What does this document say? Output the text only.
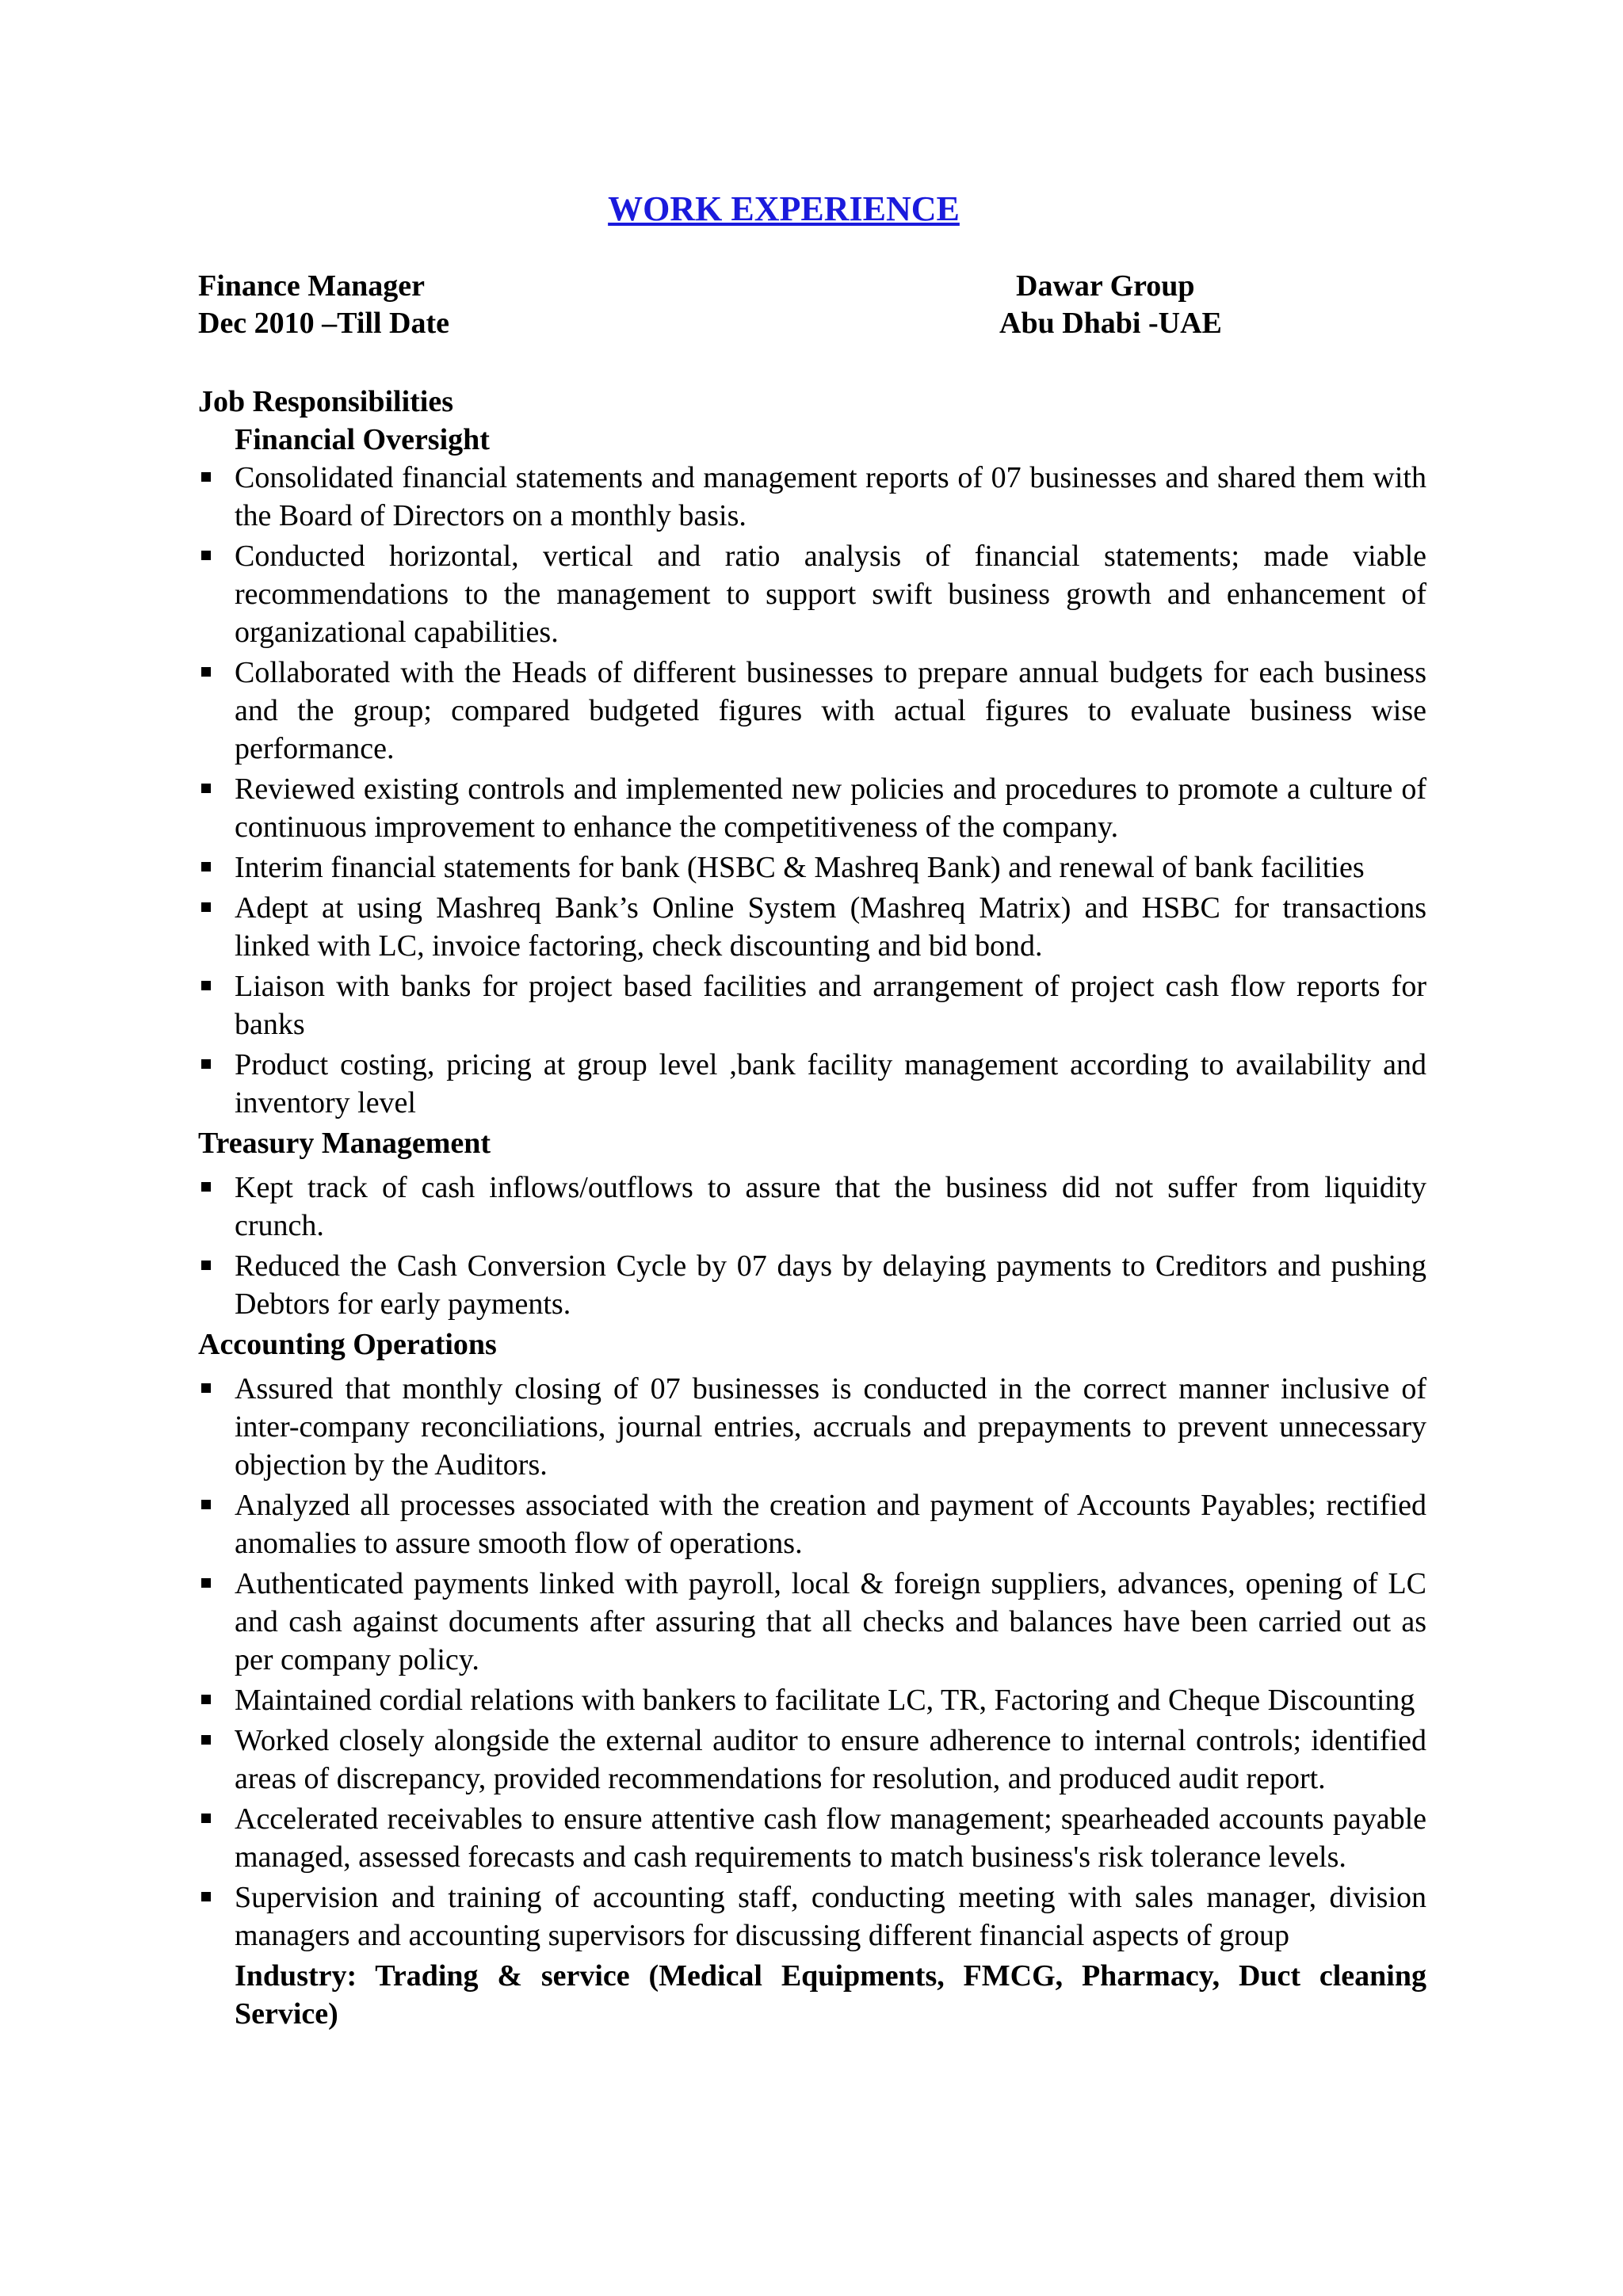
WORK EXPERIENCE
Finance Manager	Dawar Group
Dec 2010 –Till Date	Abu Dhabi -UAE
Job Responsibilities
Financial Oversight
Consolidated financial statements and management reports of 07 businesses and shared them with the Board of Directors on a monthly basis.
Conducted horizontal, vertical and ratio analysis of financial statements; made viable recommendations to the management to support swift business growth and enhancement of organizational capabilities.
Collaborated with the Heads of different businesses to prepare annual budgets for each business and the group; compared budgeted figures with actual figures to evaluate business wise performance.
Reviewed existing controls and implemented new policies and procedures to promote a culture of continuous improvement to enhance the competitiveness of the company.
Interim financial statements for bank (HSBC & Mashreq Bank) and renewal of bank facilities
Adept at using Mashreq Bank’s Online System (Mashreq Matrix) and HSBC for transactions linked with LC, invoice factoring, check discounting and bid bond.
Liaison with banks for project based facilities and arrangement of project cash flow reports for banks
Product costing, pricing at group level ,bank facility management according to availability and inventory level
Treasury Management
Kept track of cash inflows/outflows to assure that the business did not suffer from liquidity crunch.
Reduced the Cash Conversion Cycle by 07 days by delaying payments to Creditors and pushing Debtors for early payments.
Accounting Operations
Assured that monthly closing of 07 businesses is conducted in the correct manner inclusive of inter-company reconciliations, journal entries, accruals and prepayments to prevent unnecessary objection by the Auditors.
Analyzed all processes associated with the creation and payment of Accounts Payables; rectified anomalies to assure smooth flow of operations.
Authenticated payments linked with payroll, local & foreign suppliers, advances, opening of LC and cash against documents after assuring that all checks and balances have been carried out as per company policy.
Maintained cordial relations with bankers to facilitate LC, TR, Factoring and Cheque Discounting
Worked closely alongside the external auditor to ensure adherence to internal controls; identified areas of discrepancy, provided recommendations for resolution, and produced audit report.
Accelerated receivables to ensure attentive cash flow management; spearheaded accounts payable managed, assessed forecasts and cash requirements to match business's risk tolerance levels.
Supervision and training of accounting staff, conducting meeting with sales manager, division managers and accounting supervisors for discussing different financial aspects of group
Industry: Trading & service (Medical Equipments, FMCG, Pharmacy, Duct cleaning Service)
